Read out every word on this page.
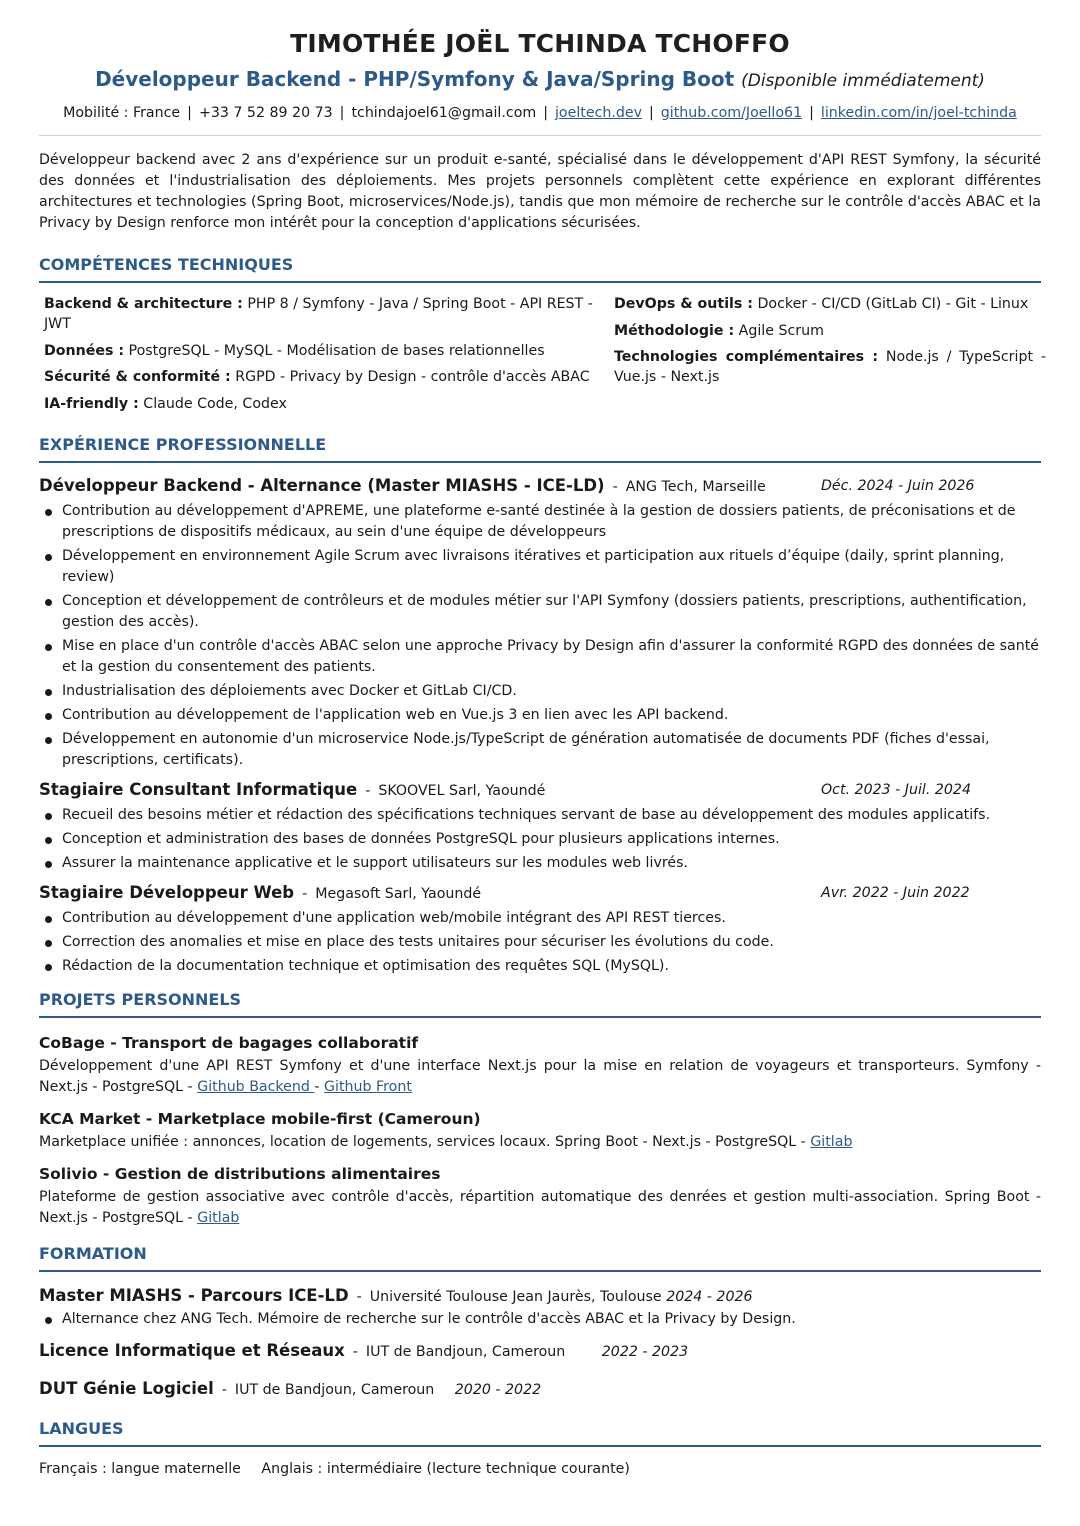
TIMOTHÉE JOËL TCHINDA TCHOFFO
Développeur Backend - PHP/Symfony & Java/Spring Boot (Disponible immédiatement)
Mobilité : France | +33 7 52 89 20 73 | tchindajoel61@gmail.com | joeltech.dev | github.com/Joello61 | linkedin.com/in/joel-tchinda
Développeur backend avec 2 ans d'expérience sur un produit e-santé, spécialisé dans le développement d'API REST Symfony, la sécurité des données et l'industrialisation des déploiements. Mes projets personnels complètent cette expérience en explorant différentes architectures et technologies (Spring Boot, microservices/Node.js), tandis que mon mémoire de recherche sur le contrôle d'accès ABAC et la Privacy by Design renforce mon intérêt pour la conception d'applications sécurisées.
COMPÉTENCES TECHNIQUES
Backend & architecture : PHP 8 / Symfony - Java / Spring Boot - API REST - JWT
Données : PostgreSQL - MySQL - Modélisation de bases relationnelles
Sécurité & conformité : RGPD - Privacy by Design - contrôle d'accès ABAC
IA-friendly : Claude Code, Codex
DevOps & outils : Docker - CI/CD (GitLab CI) - Git - Linux
Méthodologie : Agile Scrum
Technologies complémentaires : Node.js / TypeScript - Vue.js - Next.js
EXPÉRIENCE PROFESSIONNELLE
Développeur Backend - Alternance (Master MIASHS - ICE-LD) - ANG Tech, Marseille	Déc. 2024 - Juin 2026
Contribution au développement d'APREME, une plateforme e-santé destinée à la gestion de dossiers patients, de préconisations et de prescriptions de dispositifs médicaux, au sein d'une équipe de développeurs
Développement en environnement Agile Scrum avec livraisons itératives et participation aux rituels d’équipe (daily, sprint planning, review)
Conception et développement de contrôleurs et de modules métier sur l'API Symfony (dossiers patients, prescriptions, authentification, gestion des accès).
Mise en place d'un contrôle d'accès ABAC selon une approche Privacy by Design afin d'assurer la conformité RGPD des données de santé et la gestion du consentement des patients.
Industrialisation des déploiements avec Docker et GitLab CI/CD.
Contribution au développement de l'application web en Vue.js 3 en lien avec les API backend.
Développement en autonomie d'un microservice Node.js/TypeScript de génération automatisée de documents PDF (fiches d'essai, prescriptions, certificats).
Stagiaire Consultant Informatique - SKOOVEL Sarl, Yaoundé	Oct. 2023 - Juil. 2024
Recueil des besoins métier et rédaction des spécifications techniques servant de base au développement des modules applicatifs.
Conception et administration des bases de données PostgreSQL pour plusieurs applications internes.
Assurer la maintenance applicative et le support utilisateurs sur les modules web livrés.
Stagiaire Développeur Web - Megasoft Sarl, Yaoundé	Avr. 2022 - Juin 2022
Contribution au développement d'une application web/mobile intégrant des API REST tierces.
Correction des anomalies et mise en place des tests unitaires pour sécuriser les évolutions du code.
Rédaction de la documentation technique et optimisation des requêtes SQL (MySQL).
PROJETS PERSONNELS
CoBage - Transport de bagages collaboratif
Développement d'une API REST Symfony et d'une interface Next.js pour la mise en relation de voyageurs et transporteurs. Symfony - Next.js - PostgreSQL - Github Backend - Github Front
KCA Market - Marketplace mobile-first (Cameroun)
Marketplace unifiée : annonces, location de logements, services locaux. Spring Boot - Next.js - PostgreSQL - Gitlab
Solivio - Gestion de distributions alimentaires
Plateforme de gestion associative avec contrôle d'accès, répartition automatique des denrées et gestion multi-association. Spring Boot - Next.js - PostgreSQL - Gitlab
FORMATION
Master MIASHS - Parcours ICE-LD - Université Toulouse Jean Jaurès, Toulouse 2024 - 2026
Alternance chez ANG Tech. Mémoire de recherche sur le contrôle d'accès ABAC et la Privacy by Design.
Licence Informatique et Réseaux - IUT de Bandjoun, Cameroun	2022 - 2023
DUT Génie Logiciel - IUT de Bandjoun, Cameroun 2020 - 2022
LANGUES
Français : langue maternelle Anglais : intermédiaire (lecture technique courante)
